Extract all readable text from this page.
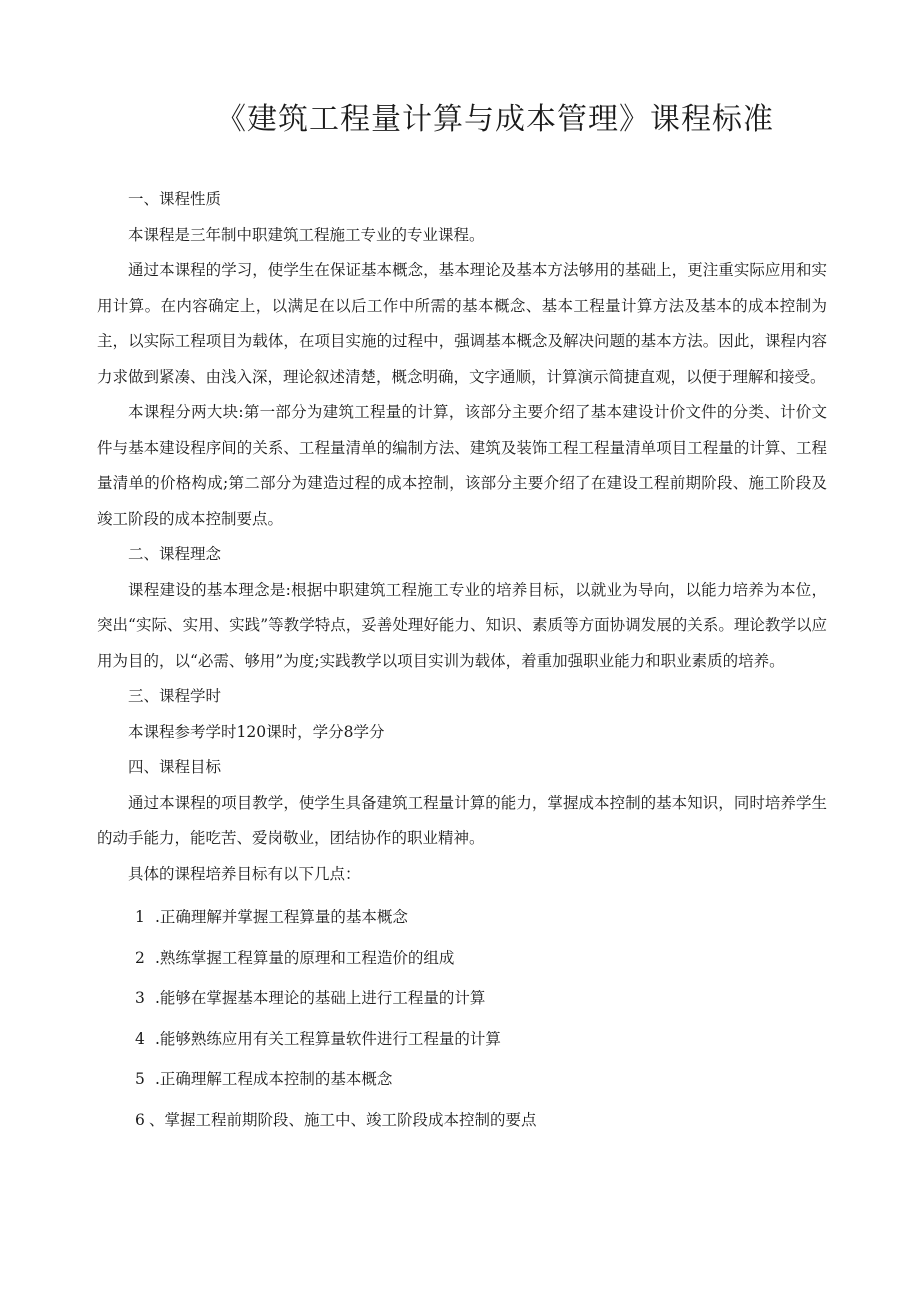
《建筑工程量计算与成本管理》课程标准

一、课程性质

本课程是三年制中职建筑工程施工专业的专业课程。

通过本课程的学习，使学生在保证基本概念，基本理论及基本方法够用的基础上，更注重实际应用和实用计算。在内容确定上，以满足在以后工作中所需的基本概念、基本工程量计算方法及基本的成本控制为主，以实际工程项目为载体，在项目实施的过程中，强调基本概念及解决问题的基本方法。因此，课程内容力求做到紧凑、由浅入深，理论叙述清楚，概念明确，文字通顺，计算演示简捷直观，以便于理解和接受。

本课程分两大块:第一部分为建筑工程量的计算，该部分主要介绍了基本建设计价文件的分类、计价文件与基本建设程序间的关系、工程量清单的编制方法、建筑及装饰工程工程量清单项目工程量的计算、工程量清单的价格构成;第二部分为建造过程的成本控制，该部分主要介绍了在建设工程前期阶段、施工阶段及竣工阶段的成本控制要点。

二、课程理念

课程建设的基本理念是:根据中职建筑工程施工专业的培养目标，以就业为导向，以能力培养为本位，突出“实际、实用、实践”等教学特点，妥善处理好能力、知识、素质等方面协调发展的关系。理论教学以应用为目的，以“必需、够用”为度;实践教学以项目实训为载体，着重加强职业能力和职业素质的培养。

三、课程学时

本课程参考学时120课时，学分8学分

四、课程目标

通过本课程的项目教学，使学生具备建筑工程量计算的能力，掌握成本控制的基本知识，同时培养学生的动手能力，能吃苦、爱岗敬业，团结协作的职业精神。

具体的课程培养目标有以下几点：

1 .正确理解并掌握工程算量的基本概念
2 .熟练掌握工程算量的原理和工程造价的组成
3 .能够在掌握基本理论的基础上进行工程量的计算
4 .能够熟练应用有关工程算量软件进行工程量的计算
5 .正确理解工程成本控制的基本概念
6 、掌握工程前期阶段、施工中、竣工阶段成本控制的要点
